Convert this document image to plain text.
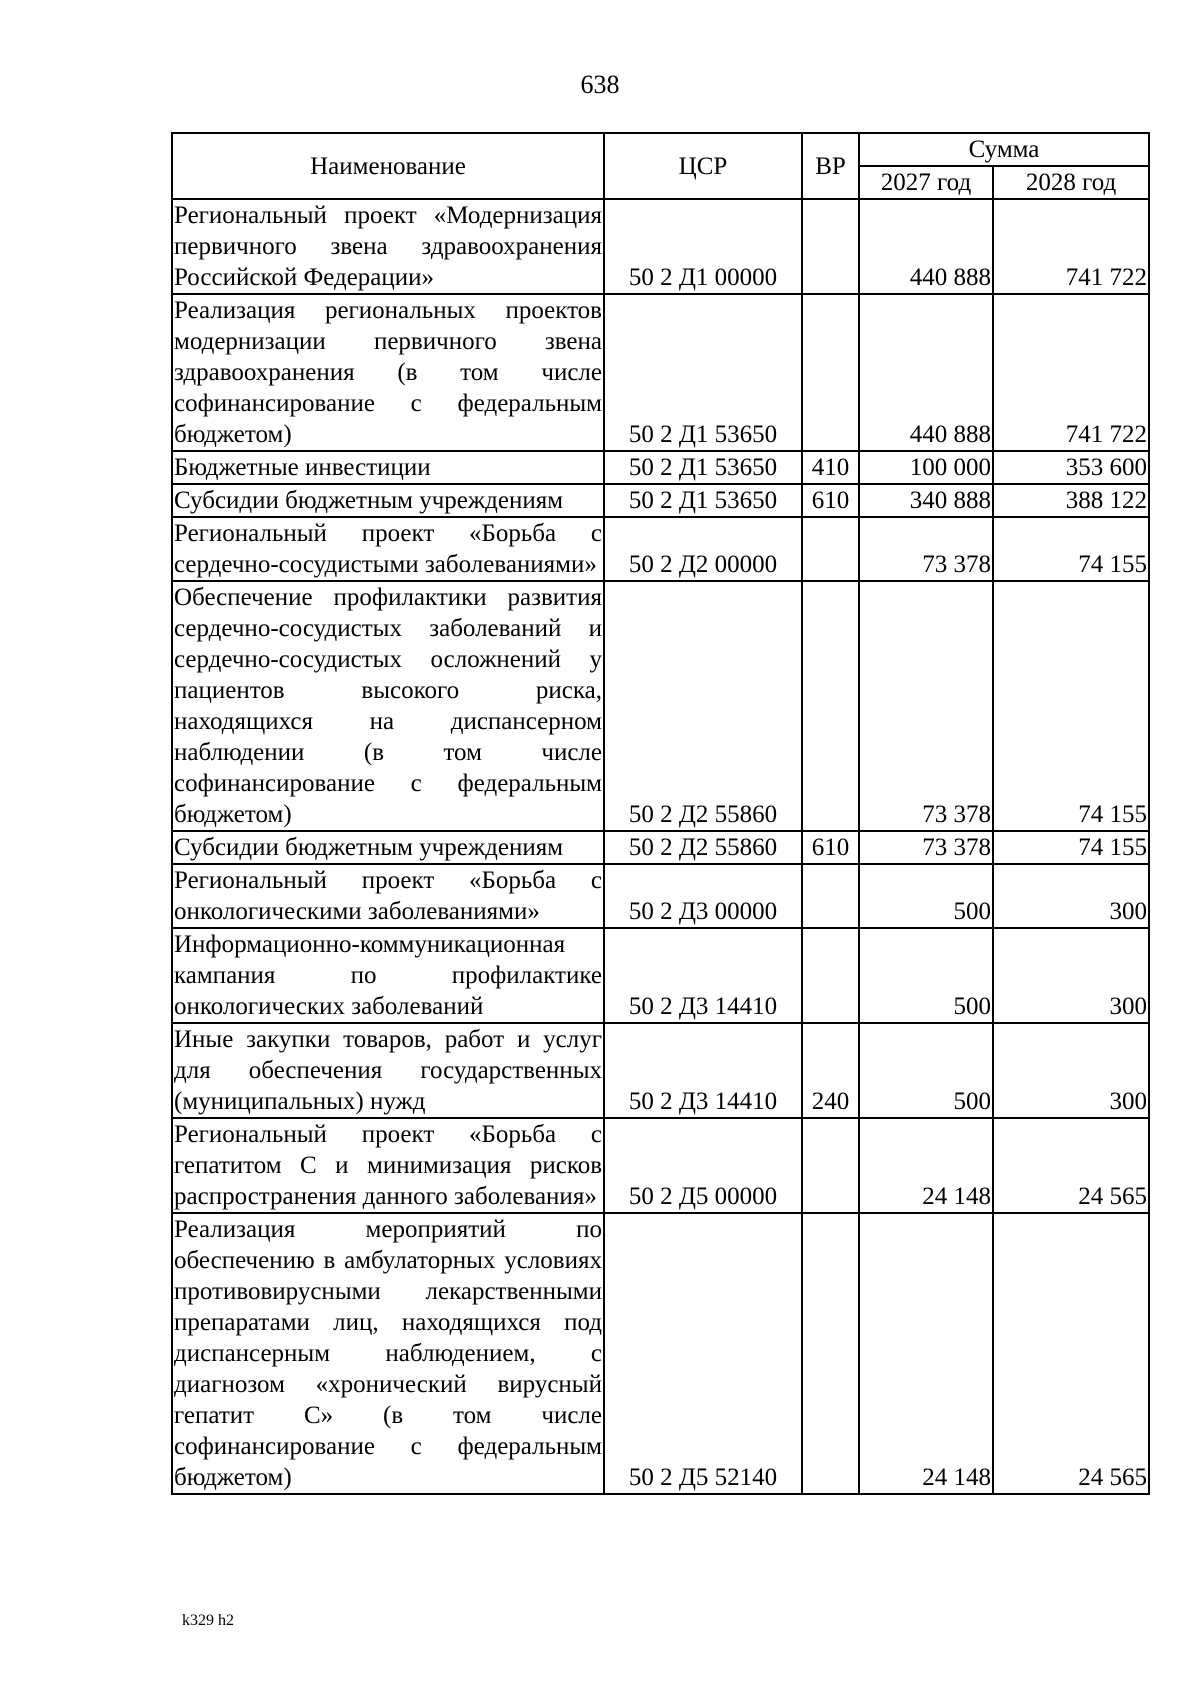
638
Наименование	ЦСР	ВР	Сумма	
			2027 год	2028 год
Региональный проект «Модернизация первичного звена здравоохранения Российской Федерации»	50 2 Д1 00000		440 888	741 722
Реализация региональных проектов модернизации первичного звена здравоохранения (в том числе софинансирование с федеральным бюджетом)	50 2 Д1 53650		440 888	741 722
Бюджетные инвестиции	50 2 Д1 53650	410	100 000	353 600
Субсидии бюджетным учреждениям	50 2 Д1 53650	610	340 888	388 122
Региональный проект «Борьба с сердечно-сосудистыми заболеваниями»	50 2 Д2 00000		73 378	74 155
Обеспечение профилактики развития сердечно-сосудистых заболеваний и сердечно-сосудистых осложнений у пациентов высокого риска, находящихся на диспансерном наблюдении (в том числе софинансирование с федеральным бюджетом)	50 2 Д2 55860		73 378	74 155
Субсидии бюджетным учреждениям	50 2 Д2 55860	610	73 378	74 155
Региональный проект «Борьба с онкологическими заболеваниями»	50 2 Д3 00000		500	300
Информационно-коммуникационная кампания по профилактике онкологических заболеваний	50 2 Д3 14410		500	300
Иные закупки товаров, работ и услуг для обеспечения государственных (муниципальных) нужд	50 2 Д3 14410	240	500	300
Региональный проект «Борьба с гепатитом С и минимизация рисков распространения данного заболевания»	50 2 Д5 00000		24 148	24 565
Реализация мероприятий по обеспечению в амбулаторных условиях противовирусными лекарственными препаратами лиц, находящихся под диспансерным наблюдением, с диагнозом «хронический вирусный гепатит С» (в том числе софинансирование с федеральным бюджетом)	50 2 Д5 52140		24 148	24 565
k329 h2
